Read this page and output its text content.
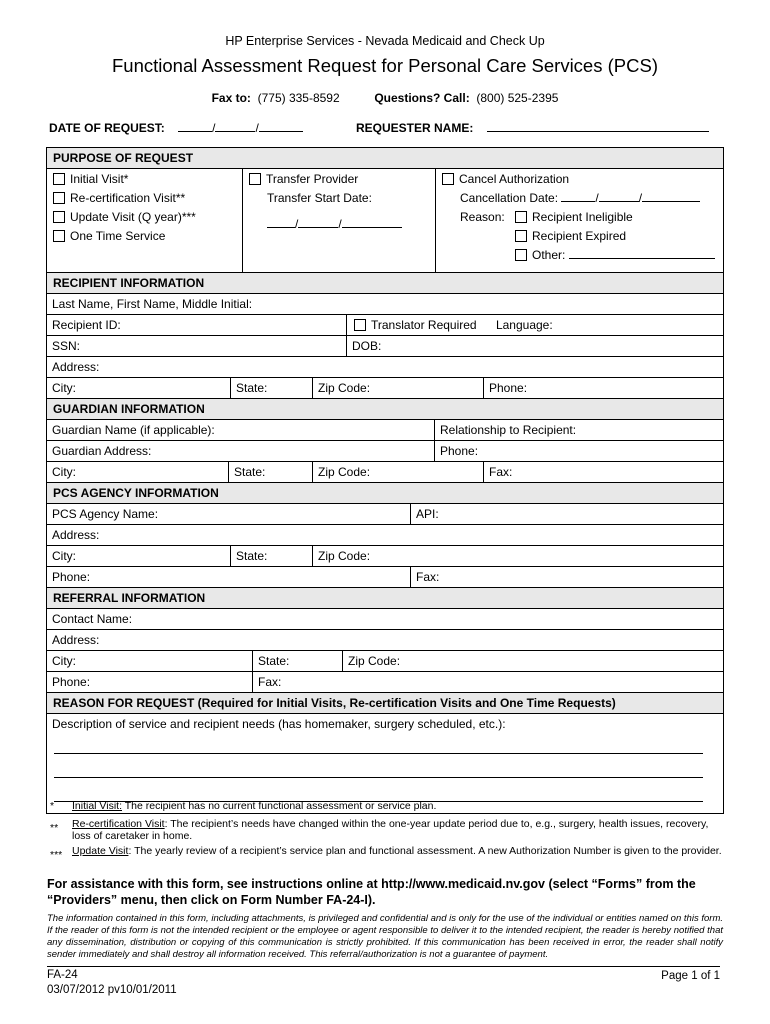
HP Enterprise Services - Nevada Medicaid and Check Up
Functional Assessment Request for Personal Care Services (PCS)
Fax to: (775) 335-8592	Questions? Call: (800) 525-2395
DATE OF REQUEST:	/	/	REQUESTER NAME:
PURPOSE OF REQUEST
Initial Visit*
Re-certification Visit**
Update Visit (Q year)***
One Time Service
Transfer Provider
Transfer Start Date:
/	/
Cancel Authorization
Cancellation Date:	/	/
Reason:	Recipient Ineligible
Recipient Expired
Other:
RECIPIENT INFORMATION
Last Name, First Name, Middle Initial:
Recipient ID:	Translator Required Language:
SSN:	DOB:
Address:
City:	State:	Zip Code:	Phone:
GUARDIAN INFORMATION
Guardian Name (if applicable):	Relationship to Recipient:
Guardian Address:	Phone:
City:	State:	Zip Code:	Fax:
PCS AGENCY INFORMATION
PCS Agency Name:	API:
Address:
City:	State:	Zip Code:
Phone:	Fax:
REFERRAL INFORMATION
Contact Name:
Address:
City:	State:	Zip Code:
Phone:	Fax:
REASON FOR REQUEST (Required for Initial Visits, Re-certification Visits and One Time Requests)
Description of service and recipient needs (has homemaker, surgery scheduled, etc.):
* Initial Visit: The recipient has no current functional assessment or service plan.
** Re-certification Visit: The recipient’s needs have changed within the one-year update period due to, e.g., surgery, health issues, recovery, loss of caretaker in home.
*** Update Visit: The yearly review of a recipient’s service plan and functional assessment. A new Authorization Number is given to the provider.
For assistance with this form, see instructions online at http://www.medicaid.nv.gov (select “Forms” from the “Providers” menu, then click on Form Number FA-24-I).
The information contained in this form, including attachments, is privileged and confidential and is only for the use of the individual or entities named on this form. If the reader of this form is not the intended recipient or the employee or agent responsible to deliver it to the intended recipient, the reader is hereby notified that any dissemination, distribution or copying of this communication is strictly prohibited. If this communication has been received in error, the reader shall notify sender immediately and shall destroy all information received. This referral/authorization is not a guarantee of payment.
FA-24
03/07/2012 pv10/01/2011
Page 1 of 1
